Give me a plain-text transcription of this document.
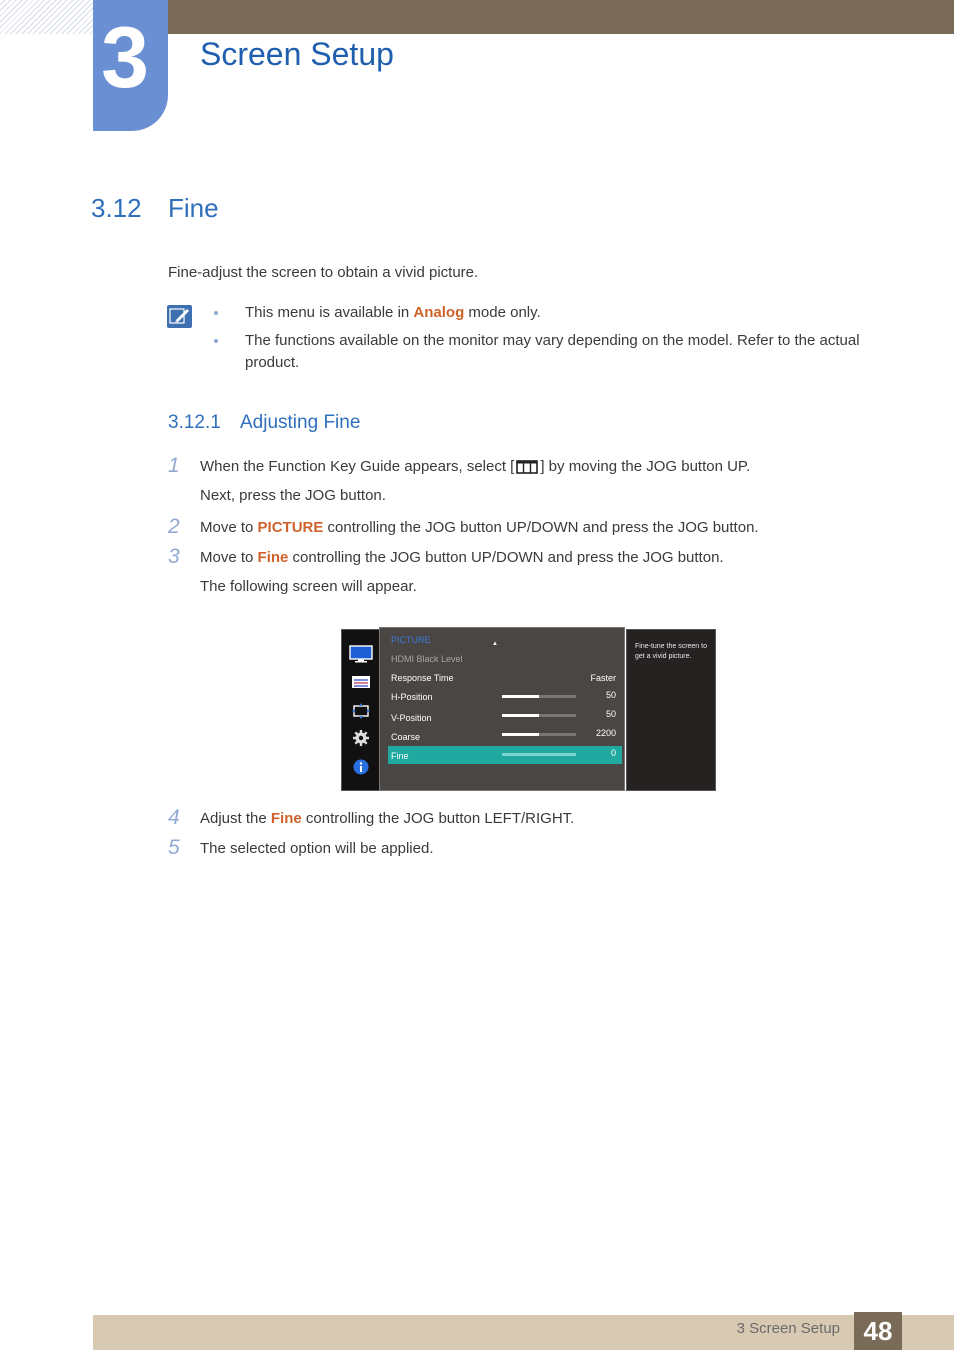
3 Screen Setup
3.12 Fine
Fine-adjust the screen to obtain a vivid picture.
This menu is available in Analog mode only.
The functions available on the monitor may vary depending on the model. Refer to the actual product.
3.12.1 Adjusting Fine
1 When the Function Key Guide appears, select [ ] by moving the JOG button UP.
Next, press the JOG button.
2 Move to PICTURE controlling the JOG button UP/DOWN and press the JOG button.
3 Move to Fine controlling the JOG button UP/DOWN and press the JOG button.
The following screen will appear.
PICTURE	▲
HDMI Black Level
Response Time	Faster
H-Position	50
V-Position	50
Coarse	2200
Fine	0
Fine-tune the screen to get a vivid picture.
4 Adjust the Fine controlling the JOG button LEFT/RIGHT.
5 The selected option will be applied.
3 Screen Setup 48
